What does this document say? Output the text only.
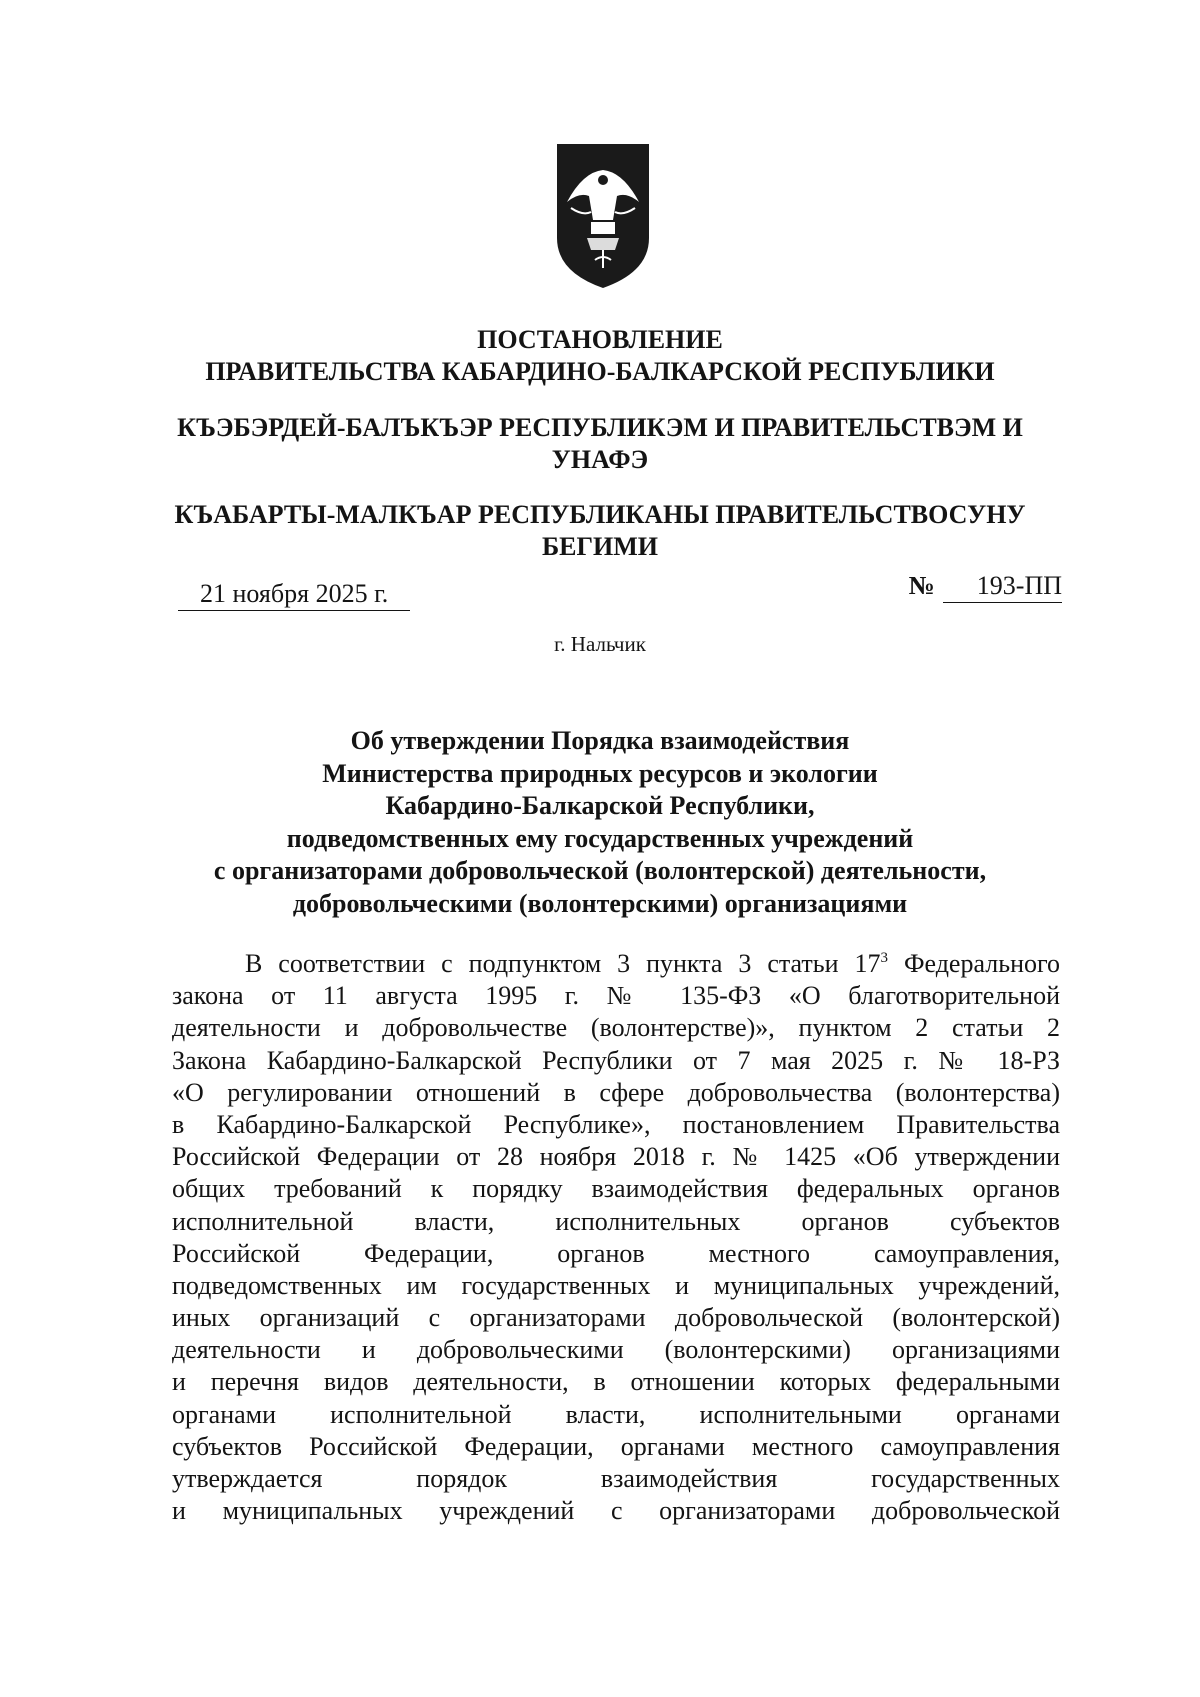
ПОСТАНОВЛЕНИЕ
ПРАВИТЕЛЬСТВА КАБАРДИНО-БАЛКАРСКОЙ РЕСПУБЛИКИ
КЪЭБЭРДЕЙ-БАЛЪКЪЭР РЕСПУБЛИКЭМ И ПРАВИТЕЛЬСТВЭМ И
УНАФЭ
КЪАБАРТЫ-МАЛКЪАР РЕСПУБЛИКАНЫ ПРАВИТЕЛЬСТВОСУНУ
БЕГИМИ
21 ноября 2025 г.	№ 193-ПП
г. Нальчик
Об утверждении Порядка взаимодействия
Министерства природных ресурсов и экологии
Кабардино-Балкарской Республики,
подведомственных ему государственных учреждений
с организаторами добровольческой (волонтерской) деятельности,
добровольческими (волонтерскими) организациями
В соответствии с подпунктом 3 пункта 3 статьи $17^3$ Федерального
закона от 11 августа 1995 г. № 135-ФЗ «О благотворительной
деятельности и добровольчестве (волонтерстве)», пунктом 2 статьи 2
Закона Кабардино-Балкарской Республики от 7 мая 2025 г. № 18-РЗ
«О регулировании отношений в сфере добровольчества (волонтерства)
в Кабардино-Балкарской Республике», постановлением Правительства
Российской Федерации от 28 ноября 2018 г. № 1425 «Об утверждении
общих требований к порядку взаимодействия федеральных органов
исполнительной власти, исполнительных органов субъектов
Российской Федерации, органов местного самоуправления,
подведомственных им государственных и муниципальных учреждений,
иных организаций с организаторами добровольческой (волонтерской)
деятельности и добровольческими (волонтерскими) организациями
и перечня видов деятельности, в отношении которых федеральными
органами исполнительной власти, исполнительными органами
субъектов Российской Федерации, органами местного самоуправления
утверждается порядок взаимодействия государственных
и муниципальных учреждений с организаторами добровольческой
